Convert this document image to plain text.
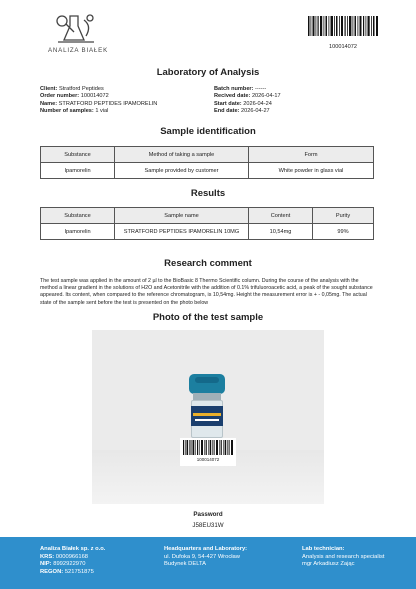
ANALIZA BIAŁEK	100014072
Laboratory of Analysis
Client: Stratford Peptides
Order number: 100014072
Name: STRATFORD PEPTIDES IPAMORELIN
Number of samples: 1 vial
Batch number: ------
Recived date: 2026-04-17
Start date: 2026-04-24
End date: 2026-04-27
Sample identification
Substance	Method of taking a sample	Form
Ipamorelin	Sample provided by customer	White powder in glass vial
Results
Substance	Sample name	Content	Purity
Ipamorelin	STRATFORD PEPTIDES IPAMORELIN 10MG	10,54mg	99%
Research comment

The test sample was applied in the amount of 2 µl to the BioBasic 8 Thermo Scientific column. During the course of the analysis with the method a linear gradient in the solutions of H2O and Acetonitrile with the addition of 0.1% trifuluoroacetic acid, a peak of the sought substance appeared. Its content, when compared to the reference chromatogram, is 10,54mg. Height the measurement error is + - 0,05mg. The actual state of the sample sent before the test is presented on the photo below

Photo of the test sample
100014072
Password
J58EU31W
Analiza Białek sp. z o.o.
KRS: 0000966168
NIP: 8992922970
REGON: 521751875
Headquarters and Laboratory:
ul. Dufoka 9, 54-427 Wrocław
Budynek DELTA
Lab technician:
Analysis and research specialist
mgr Arkadiusz Zając
